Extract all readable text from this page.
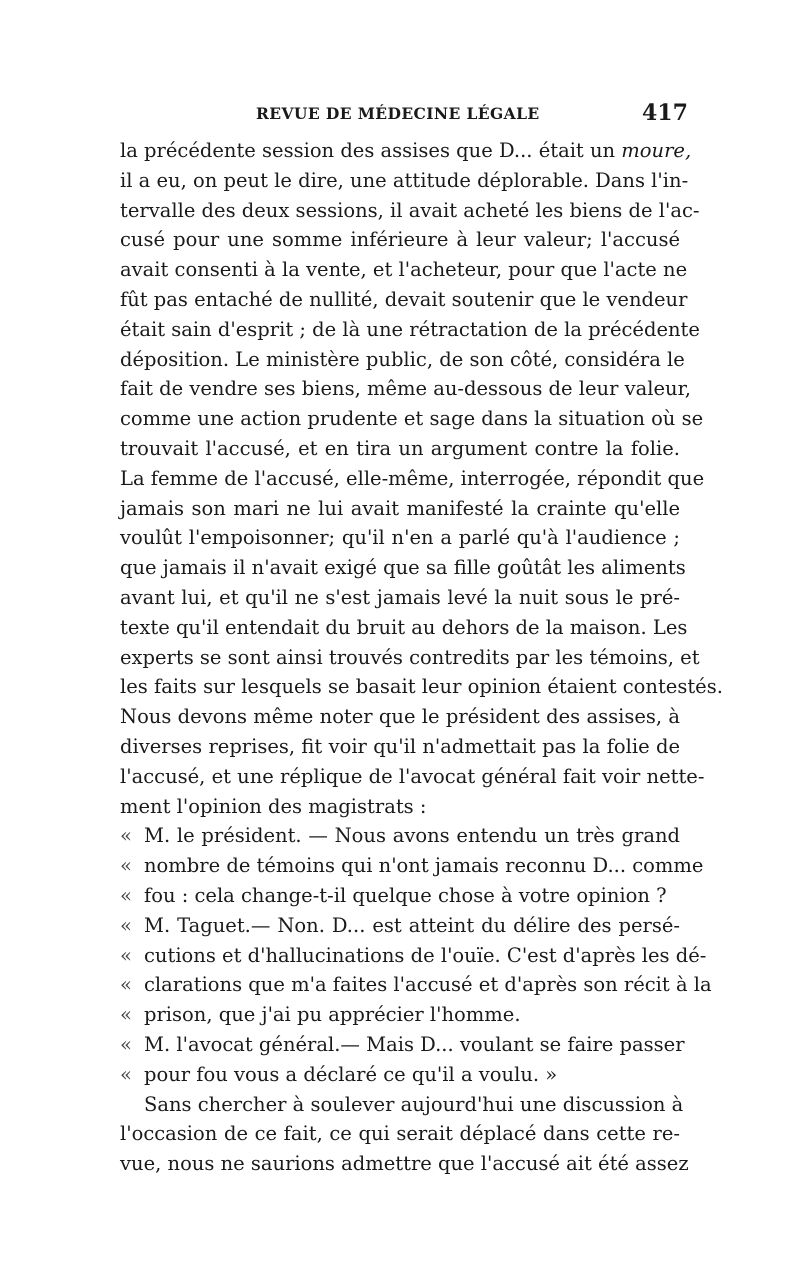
REVUE DE MÉDECINE LÉGALE	417
la précédente session des assises que D... était un moure,
il a eu, on peut le dire, une attitude déplorable. Dans l'in-
tervalle des deux sessions, il avait acheté les biens de l'ac-
cusé pour une somme inférieure à leur valeur; l'accusé
avait consenti à la vente, et l'acheteur, pour que l'acte ne
fût pas entaché de nullité, devait soutenir que le vendeur
était sain d'esprit ; de là une rétractation de la précédente
déposition. Le ministère public, de son côté, considéra le
fait de vendre ses biens, même au-dessous de leur valeur,
comme une action prudente et sage dans la situation où se
trouvait l'accusé, et en tira un argument contre la folie.
La femme de l'accusé, elle-même, interrogée, répondit que
jamais son mari ne lui avait manifesté la crainte qu'elle
voulût l'empoisonner; qu'il n'en a parlé qu'à l'audience ;
que jamais il n'avait exigé que sa fille goûtât les aliments
avant lui, et qu'il ne s'est jamais levé la nuit sous le pré-
texte qu'il entendait du bruit au dehors de la maison. Les
experts se sont ainsi trouvés contredits par les témoins, et
les faits sur lesquels se basait leur opinion étaient contestés.
Nous devons même noter que le président des assises, à
diverses reprises, fit voir qu'il n'admettait pas la folie de
l'accusé, et une réplique de l'avocat général fait voir nette-
ment l'opinion des magistrats :
« M. le président. — Nous avons entendu un très grand
« nombre de témoins qui n'ont jamais reconnu D... comme
« fou : cela change-t-il quelque chose à votre opinion ?
« M. Taguet.— Non. D... est atteint du délire des persé-
« cutions et d'hallucinations de l'ouïe. C'est d'après les dé-
« clarations que m'a faites l'accusé et d'après son récit à la
« prison, que j'ai pu apprécier l'homme.
« M. l'avocat général.— Mais D... voulant se faire passer
« pour fou vous a déclaré ce qu'il a voulu. »
Sans chercher à soulever aujourd'hui une discussion à
l'occasion de ce fait, ce qui serait déplacé dans cette re-
vue, nous ne saurions admettre que l'accusé ait été assez
